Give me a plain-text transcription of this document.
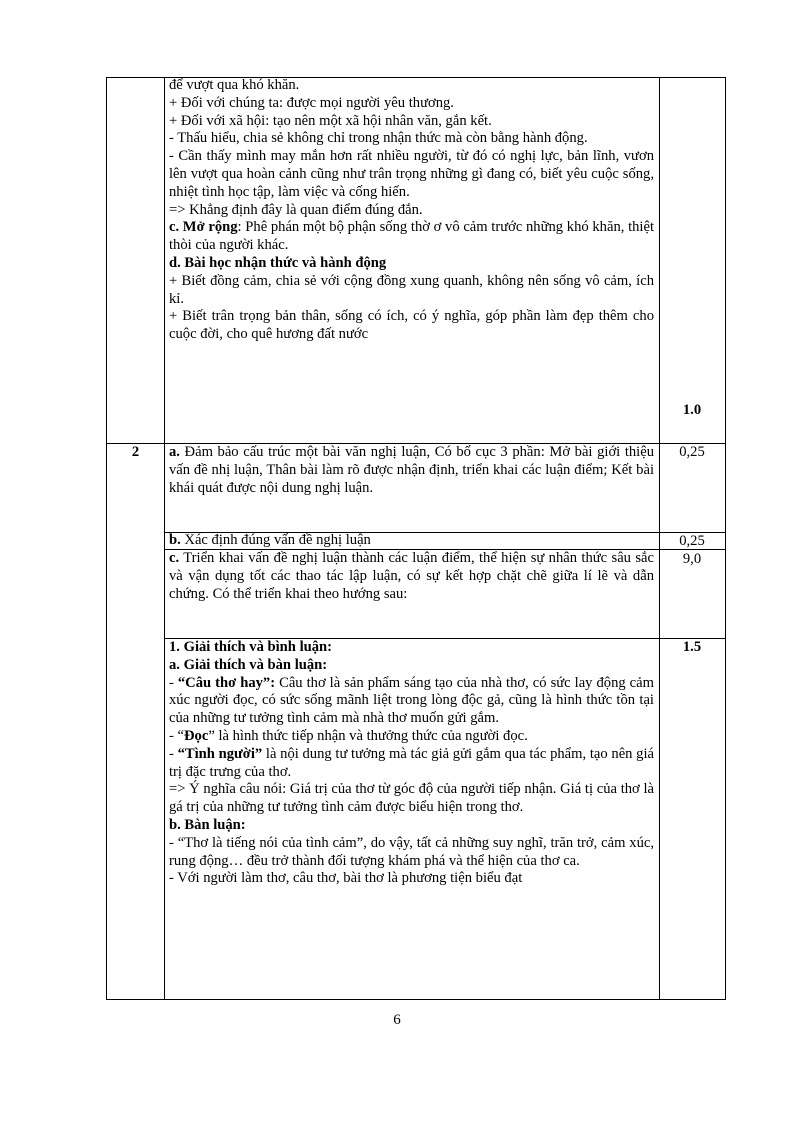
để vượt qua khó khăn.

+ Đối với chúng ta: được mọi người yêu thương.

+ Đối với xã hội: tạo nên một xã hội nhân văn, gắn kết.

- Thấu hiểu, chia sẻ không chỉ trong nhận thức mà còn bằng hành động.

- Cần thấy mình may mắn hơn rất nhiều người, từ đó có nghị lực, bản lĩnh, vươn lên vượt qua hoàn cảnh cũng như trân trọng những gì đang có, biết yêu cuộc sống, nhiệt tình học tập, làm việc và cống hiến.

=> Khẳng định đây là quan điểm đúng đắn.

c. Mở rộng: Phê phán một bộ phận sống thờ ơ vô cảm trước những khó khăn, thiệt thòi của người khác.

d. Bài học nhận thức và hành động

+ Biết đồng cảm, chia sẻ với cộng đồng xung quanh, không nên sống vô cảm, ích kỉ.

+ Biết trân trọng bản thân, sống có ích, có ý nghĩa, góp phần làm đẹp thêm cho cuộc đời, cho quê hương đất nước

1.0
2	a. Đảm bảo cấu trúc một bài văn nghị luận, Có bố cục 3 phần: Mở bài giới thiệu vấn đề nhị luận, Thân bài làm rõ được nhận định, triển khai các luận điểm; Kết bài khái quát được nội dung nghị luận.

0,25

b. Xác định đúng vấn đề nghị luận	0,25

c. Triển khai vấn đề nghị luận thành các luận điểm, thể hiện sự nhân thức sâu sắc và vận dụng tốt các thao tác lập luận, có sự kết hợp chặt chẽ giữa lí lẽ và dẫn chứng. Có thể triển khai theo hướng sau:

9,0

1. Giải thích và bình luận:

a. Giải thích và bàn luận:

- “Câu thơ hay”: Câu thơ là sản phẩm sáng tạo của nhà thơ, có sức lay động cảm xúc người đọc, có sức sống mãnh liệt trong lòng độc gả, cũng là hình thức tồn tại của những tư tưởng tình cảm mà nhà thơ muốn gửi gắm.

- “Đọc” là hình thức tiếp nhận và thưởng thức của người đọc.

- “Tình người” là nội dung tư tưởng mà tác giả gửi gắm qua tác phẩm, tạo nên giá trị đặc trưng của thơ.

=> Ý nghĩa câu nói: Giá trị của thơ từ góc độ của người tiếp nhận. Giá tị của thơ là gá trị của những tư tưởng tình cảm được biểu hiện trong thơ.

b. Bàn luận:

- “Thơ là tiếng nói của tình cảm”, do vậy, tất cả những suy nghĩ, trăn trở, cảm xúc, rung động… đều trở thành đối tượng khám phá và thể hiện của thơ ca.

- Với người làm thơ, câu thơ, bài thơ là phương tiện biểu đạt

1.5
6
